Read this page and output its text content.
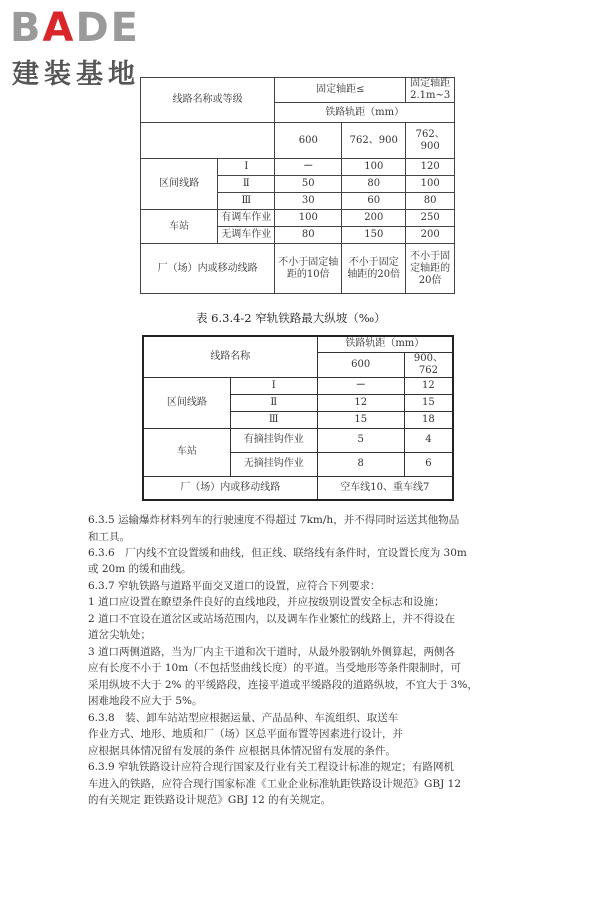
BADE
建装基地
线路名称或等级		固定轴距≤		固定轴距 2.1m~3
		铁路轨距（mm）		
		600	762、900	762、900
区间线路	Ⅰ	－	100	120
	Ⅱ	50	80	100
	Ⅲ	30	60	80
车站	有调车作业	100	200	250
	无调车作业	80	150	200
厂（场）内或移动线路		不小于固定轴距的10倍	不小于固定轴距的20倍	不小于固定轴距的20倍
表 6.3.4-2 窄轨铁路最大纵坡（‰）
线路名称		铁路轨距（mm）	
		600	900、762
区间线路	Ⅰ	－	12
	Ⅱ	12	15
	Ⅲ	15	18
车站	有摘挂钩作业	5	4
	无摘挂钩作业	8	6
厂（场）内或移动线路		空车线10、重车线7	
6.3.5 运输爆炸材料列车的行驶速度不得超过 7km/h，并不得同时运送其他物品
和工具。
6.3.6　厂内线不宜设置缓和曲线，但正线、联络线有条件时，宜设置长度为 30m
或 20m 的缓和曲线。
6.3.7 窄轨铁路与道路平面交叉道口的设置，应符合下列要求：
1 道口应设置在瞭望条件良好的直线地段，并应按级别设置安全标志和设施；
2 道口不宜设在道岔区或站场范围内，以及调车作业繁忙的线路上，并不得设在
道岔尖轨处；
3 道口两侧道路，当为厂内主干道和次干道时，从最外股钢轨外侧算起，两侧各
应有长度不小于 10m（不包括竖曲线长度）的平道。当受地形等条件限制时，可
采用纵坡不大于 2% 的平缓路段，连接平道或平缓路段的道路纵坡，不宜大于 3%，
困难地段不应大于 5%。
6.3.8　装、卸车站站型应根据运量、产品品种、车流组织、取送车
作业方式、地形、地质和厂（场）区总平面布置等因素进行设计，并
应根据具体情况留有发展的条件 应根据具体情况留有发展的条件。
6.3.9 窄轨铁路设计应符合现行国家及行业有关工程设计标准的规定；有路网机
车进入的铁路，应符合现行国家标准《工业企业标准轨距铁路设计规范》GBJ 12
的有关规定 距铁路设计规范》GBJ 12 的有关规定。
